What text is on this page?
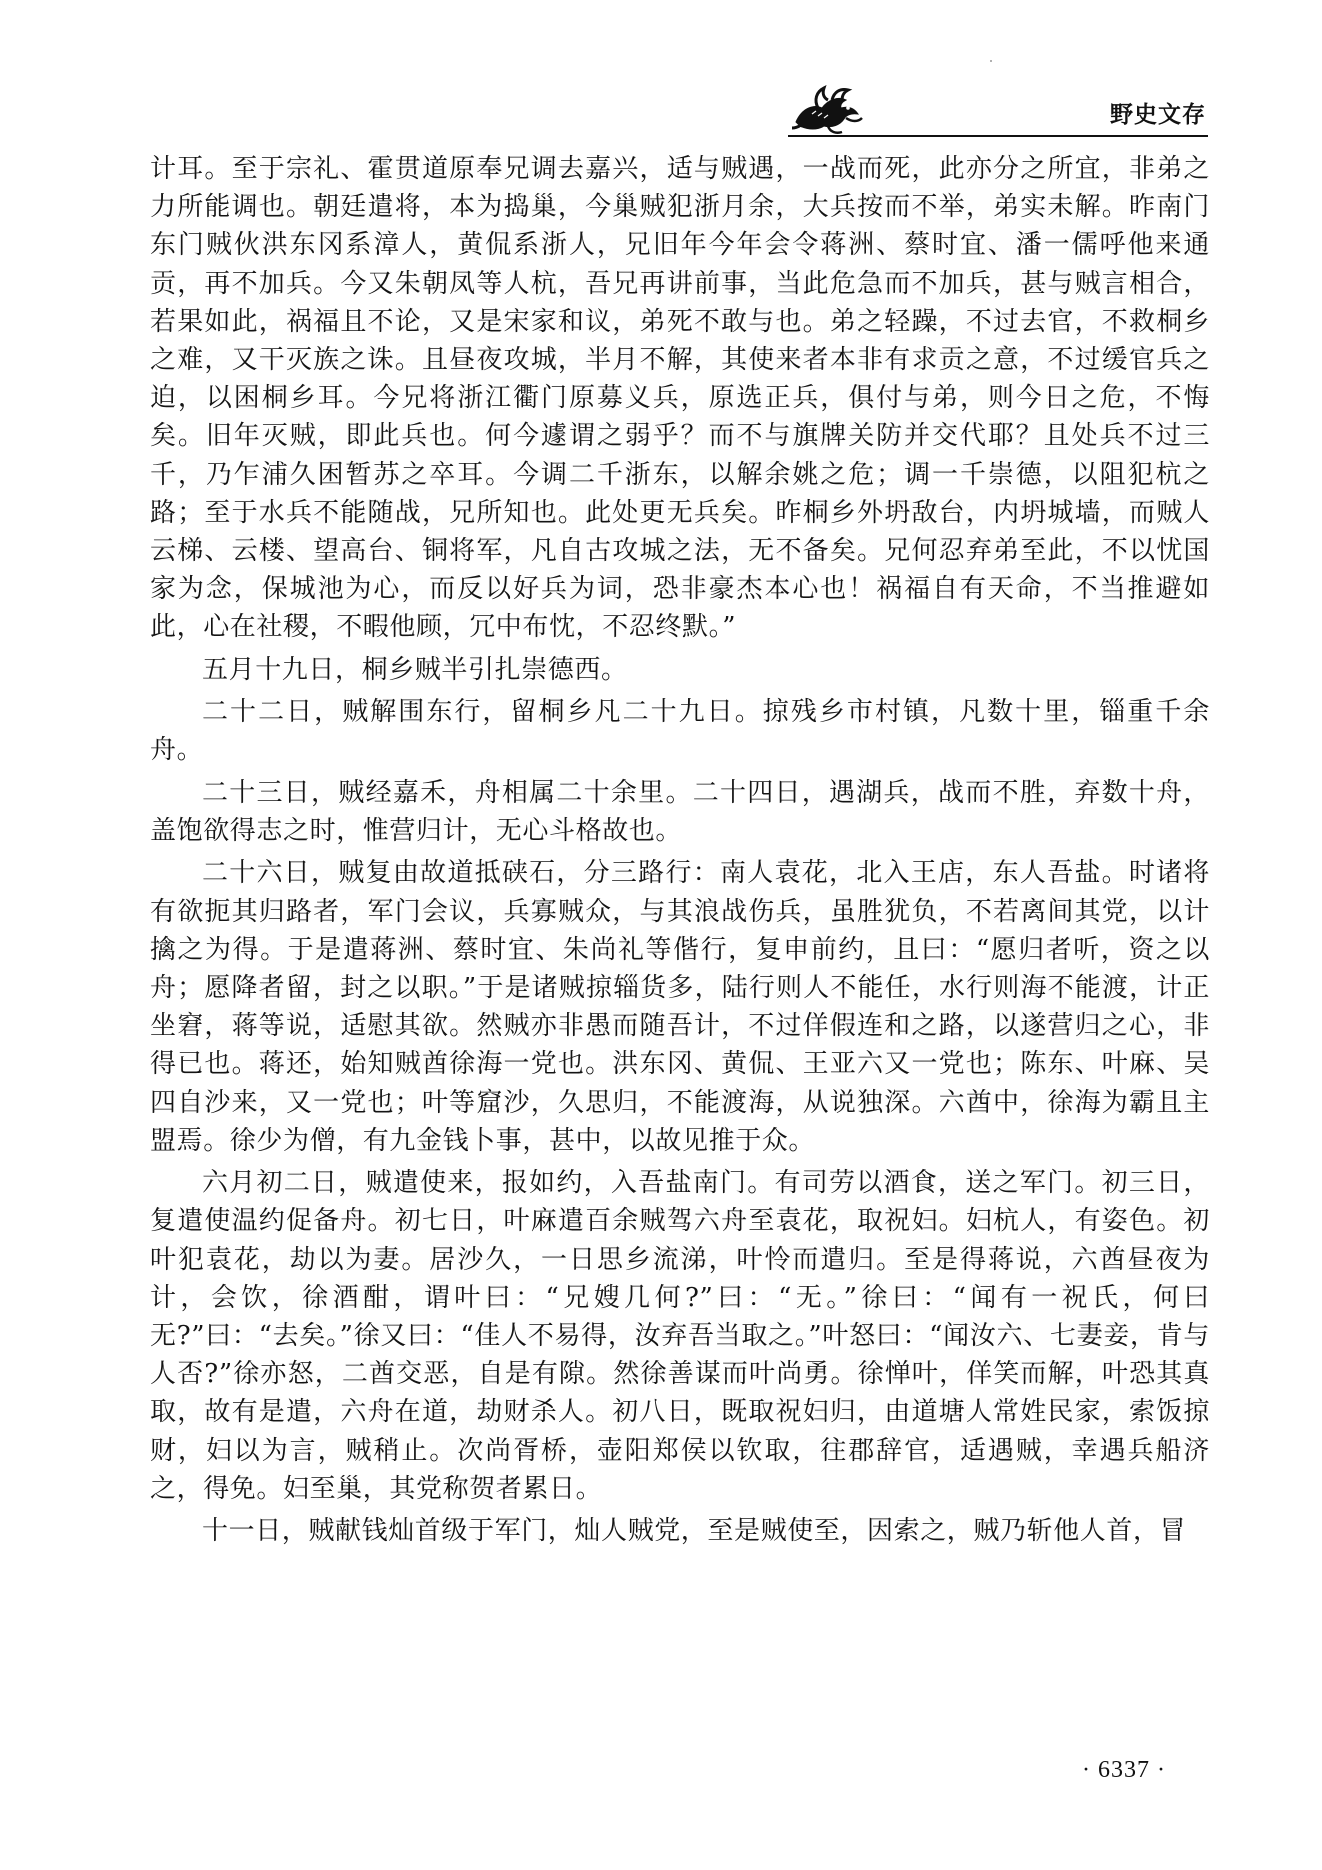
野史文存

计耳。至于宗礼、霍贯道原奉兄调去嘉兴，适与贼遇，一战而死，此亦分之所宜，非弟之力所能调也。朝廷遣将，本为捣巢，今巢贼犯浙月余，大兵按而不举，弟实未解。昨南门东门贼伙洪东冈系漳人，黄侃系浙人，兄旧年今年会令蒋洲、蔡时宜、潘一儒呼他来通贡，再不加兵。今又朱朝凤等人杭，吾兄再讲前事，当此危急而不加兵，甚与贼言相合，若果如此，祸福且不论，又是宋家和议，弟死不敢与也。弟之轻躁，不过去官，不救桐乡之难，又干灭族之诛。且昼夜攻城，半月不解，其使来者本非有求贡之意，不过缓官兵之迫，以困桐乡耳。今兄将浙江衢门原募义兵，原选正兵，俱付与弟，则今日之危，不悔矣。旧年灭贼，即此兵也。何今遽谓之弱乎？而不与旗牌关防并交代耶？且处兵不过三千，乃乍浦久困暂苏之卒耳。今调二千浙东，以解余姚之危；调一千崇德，以阻犯杭之路；至于水兵不能随战，兄所知也。此处更无兵矣。昨桐乡外坍敌台，内坍城墙，而贼人云梯、云楼、望高台、铜将军，凡自古攻城之法，无不备矣。兄何忍弃弟至此，不以忧国家为念，保城池为心，而反以好兵为词，恐非豪杰本心也！祸福自有天命，不当推避如此，心在社稷，不暇他顾，冗中布忱，不忍终默。”

五月十九日，桐乡贼半引扎崇德西。

二十二日，贼解围东行，留桐乡凡二十九日。掠残乡市村镇，凡数十里，锱重千余舟。

二十三日，贼经嘉禾，舟相属二十余里。二十四日，遇湖兵，战而不胜，弃数十舟，盖饱欲得志之时，惟营归计，无心斗格故也。

二十六日，贼复由故道抵硖石，分三路行：南人袁花，北入王店，东人吾盐。时诸将有欲扼其归路者，军门会议，兵寡贼众，与其浪战伤兵，虽胜犹负，不若离间其党，以计擒之为得。于是遣蒋洲、蔡时宜、朱尚礼等偕行，复申前约，且曰：“愿归者听，资之以舟；愿降者留，封之以职。”于是诸贼掠辎货多，陆行则人不能任，水行则海不能渡，计正坐窘，蒋等说，适慰其欲。然贼亦非愚而随吾计，不过佯假连和之路，以遂营归之心，非得已也。蒋还，始知贼酋徐海一党也。洪东冈、黄侃、王亚六又一党也；陈东、叶麻、吴四自沙来，又一党也；叶等窟沙，久思归，不能渡海，从说独深。六酋中，徐海为霸且主盟焉。徐少为僧，有九金钱卜事，甚中，以故见推于众。

六月初二日，贼遣使来，报如约，入吾盐南门。有司劳以酒食，送之军门。初三日，复遣使温约促备舟。初七日，叶麻遣百余贼驾六舟至袁花，取祝妇。妇杭人，有姿色。初叶犯袁花，劫以为妻。居沙久，一日思乡流涕，叶怜而遣归。至是得蒋说，六酋昼夜为计，会饮，徐酒酣，谓叶曰：“兄嫂几何?”曰：“无。”徐曰：“闻有一祝氏，何曰无?”曰：“去矣。”徐又曰：“佳人不易得，汝弃吾当取之。”叶怒曰：“闻汝六、七妻妾，肯与人否?”徐亦怒，二酋交恶，自是有隙。然徐善谋而叶尚勇。徐惮叶，佯笑而解，叶恐其真取，故有是遣，六舟在道，劫财杀人。初八日，既取祝妇归，由道塘人常姓民家，索饭掠财，妇以为言，贼稍止。次尚胥桥，壶阳郑侯以钦取，往郡辞官，适遇贼，幸遇兵船济之，得免。妇至巢，其党称贺者累日。

十一日，贼献钱灿首级于军门，灿人贼党，至是贼使至，因索之，贼乃斩他人首，冒

· 6337 ·
